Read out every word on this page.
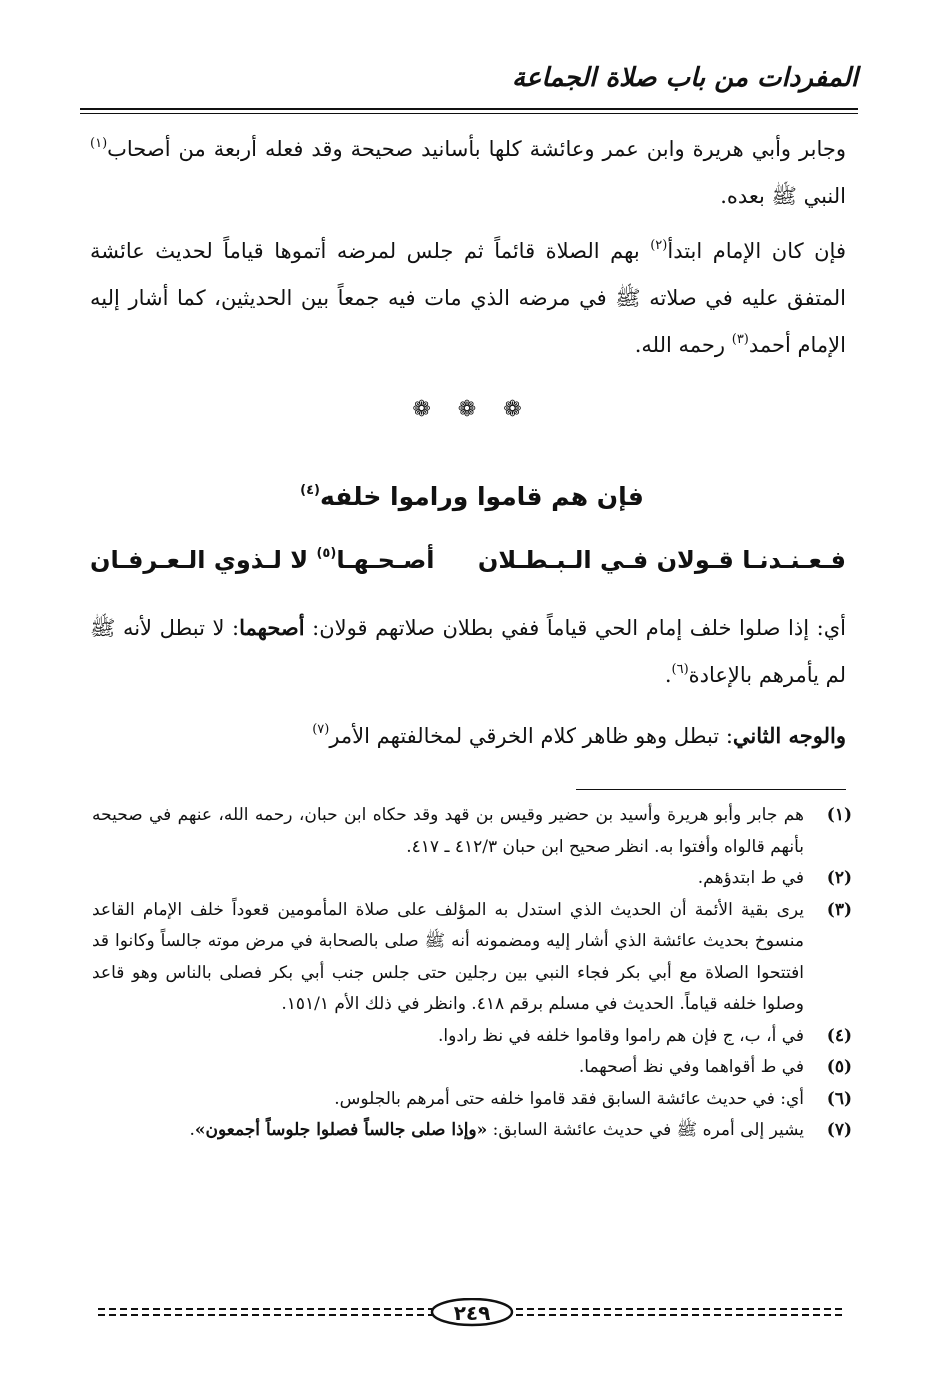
المفردات من باب صلاة الجماعة

وجابر وأبي هريرة وابن عمر وعائشة كلها بأسانيد صحيحة وقد فعله أربعة من أصحاب$^{(١)}$ النبي ﷺ بعده.

فإن كان الإمام ابتدأ$^{(٢)}$ بهم الصلاة قائماً ثم جلس لمرضه أتموها قياماً لحديث عائشة المتفق عليه في صلاته ﷺ في مرضه الذي مات فيه جمعاً بين الحديثين، كما أشار إليه الإمام أحمد$^{(٣)}$ رحمه الله.

❁ ❁ ❁
فإن هم قاموا وراموا خلفه$^{(٤)}$
فـعـنـدنـا قـولان فـي الـبـطـلان
أصـحـهـا$^{(٥)}$ لا لـذوي الـعـرفـان

أي: إذا صلوا خلف إمام الحي قياماً ففي بطلان صلاتهم قولان: أصحهما: لا تبطل لأنه ﷺ لم يأمرهم بالإعادة$^{(٦)}$.

والوجه الثاني: تبطل وهو ظاهر كلام الخرقي لمخالفتهم الأمر$^{(٧)}$

(١)
هم جابر وأبو هريرة وأسيد بن حضير وقيس بن قهد وقد حكاه ابن حبان، رحمه الله، عنهم في صحيحه بأنهم قالواه وأفتوا به. انظر صحيح ابن حبان ٤١٢/٣ ـ ٤١٧.
(٢)
في ط ابتدؤهم.
(٣)
يرى بقية الأئمة أن الحديث الذي استدل به المؤلف على صلاة المأمومين قعوداً خلف الإمام القاعد منسوخ بحديث عائشة الذي أشار إليه ومضمونه أنه ﷺ صلى بالصحابة في مرض موته جالساً وكانوا قد افتتحوا الصلاة مع أبي بكر فجاء النبي بين رجلين حتى جلس جنب أبي بكر فصلى بالناس وهو قاعد وصلوا خلفه قياماً. الحديث في مسلم برقم ٤١٨. وانظر في ذلك الأم ١٥١/١.
(٤)
في أ، ب، ج فإن هم راموا وقاموا خلفه في نظ رادوا.
(٥)
في ط أقواهما وفي نظ أصحهما.
(٦)
أي: في حديث عائشة السابق فقد قاموا خلفه حتى أمرهم بالجلوس.
(٧)
يشير إلى أمره ﷺ في حديث عائشة السابق: «وإذا صلى جالساً فصلوا جلوساً أجمعون».
٢٤٩
